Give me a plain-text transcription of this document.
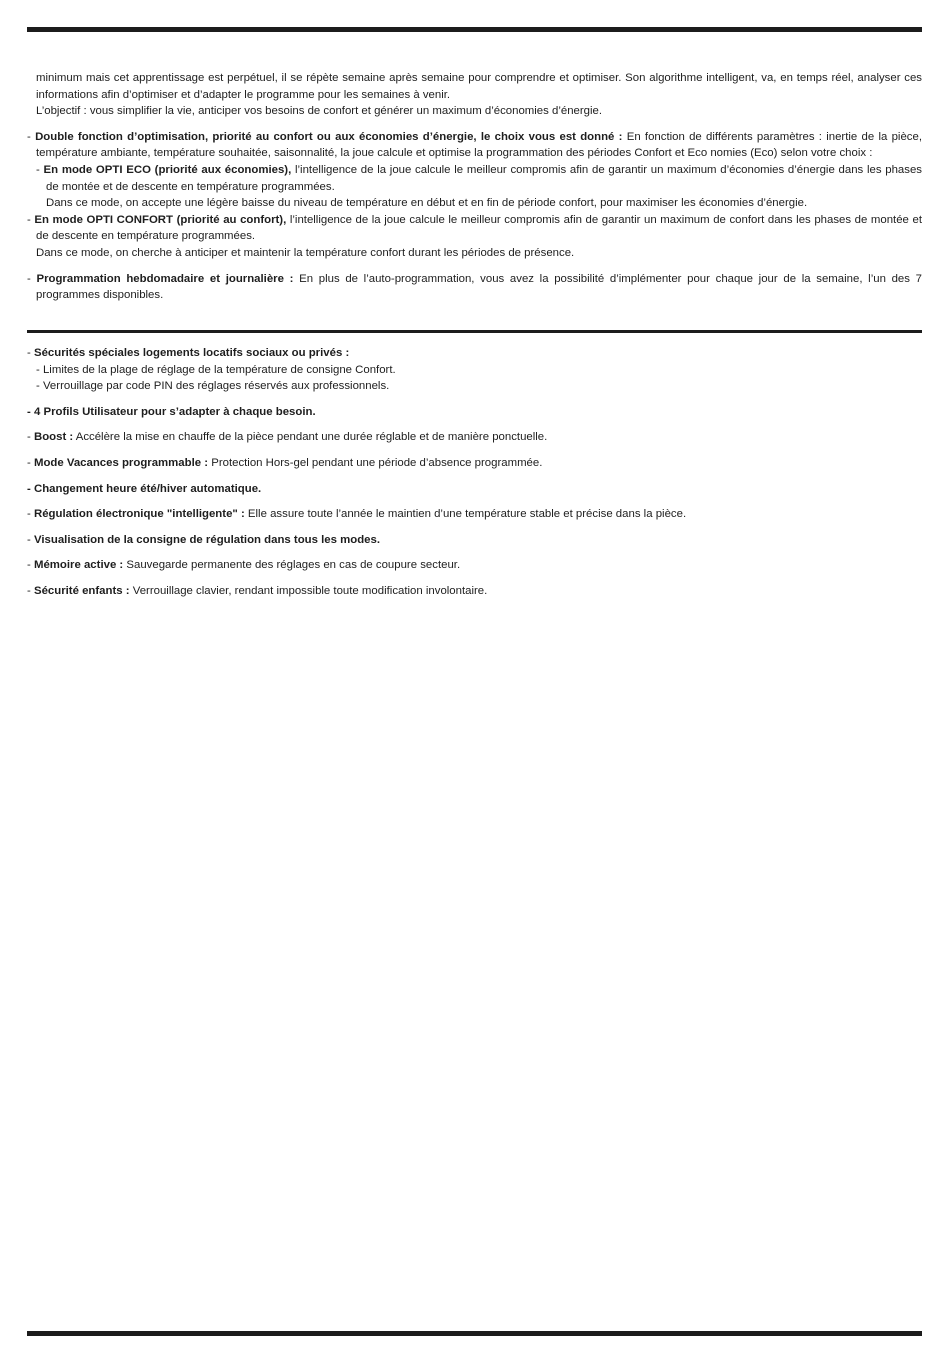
minimum mais cet apprentissage est perpétuel, il se répète semaine après semaine pour comprendre et optimiser. Son algorithme intelligent, va, en temps réel, analyser ces informations afin d’optimiser et d’adapter le programme pour les semaines à venir.

L’objectif : vous simplifier la vie, anticiper vos besoins de confort et générer un maximum d’économies d’énergie.

- Double fonction d’optimisation, priorité au confort ou aux économies d’énergie, le choix vous est donné : En fonction de différents paramètres : inertie de la pièce, température ambiante, température souhaitée, saisonnalité, la joue calcule et optimise la programmation des périodes Confort et Eco nomies (Eco) selon votre choix :

- En mode OPTI ECO (priorité aux économies), l’intelligence de la joue calcule le meilleur compromis afin de garantir un maximum d’économies d’énergie dans les phases de montée et de descente en température programmées.

Dans ce mode, on accepte une légère baisse du niveau de température en début et en fin de période confort, pour maximiser les économies d’énergie.

- En mode OPTI CONFORT (priorité au confort), l’intelligence de la joue calcule le meilleur compromis afin de garantir un maximum de confort dans les phases de montée et de descente en température programmées.

Dans ce mode, on cherche à anticiper et maintenir la température confort durant les périodes de présence.

- Programmation hebdomadaire et journalière : En plus de l’auto-programmation, vous avez la possibilité d’implémenter pour chaque jour de la semaine, l’un des 7 programmes disponibles.

- Sécurités spéciales logements locatifs sociaux ou privés :

- Limites de la plage de réglage de la température de consigne Confort.

- Verrouillage par code PIN des réglages réservés aux professionnels.

- 4 Profils Utilisateur pour s’adapter à chaque besoin.

- Boost : Accélère la mise en chauffe de la pièce pendant une durée réglable et de manière ponctuelle.

- Mode Vacances programmable : Protection Hors-gel pendant une période d’absence programmée.

- Changement heure été/hiver automatique.

- Régulation électronique "intelligente" : Elle assure toute l’année le maintien d’une température stable et précise dans la pièce.

- Visualisation de la consigne de régulation dans tous les modes.

- Mémoire active : Sauvegarde permanente des réglages en cas de coupure secteur.

- Sécurité enfants : Verrouillage clavier, rendant impossible toute modification involontaire.
